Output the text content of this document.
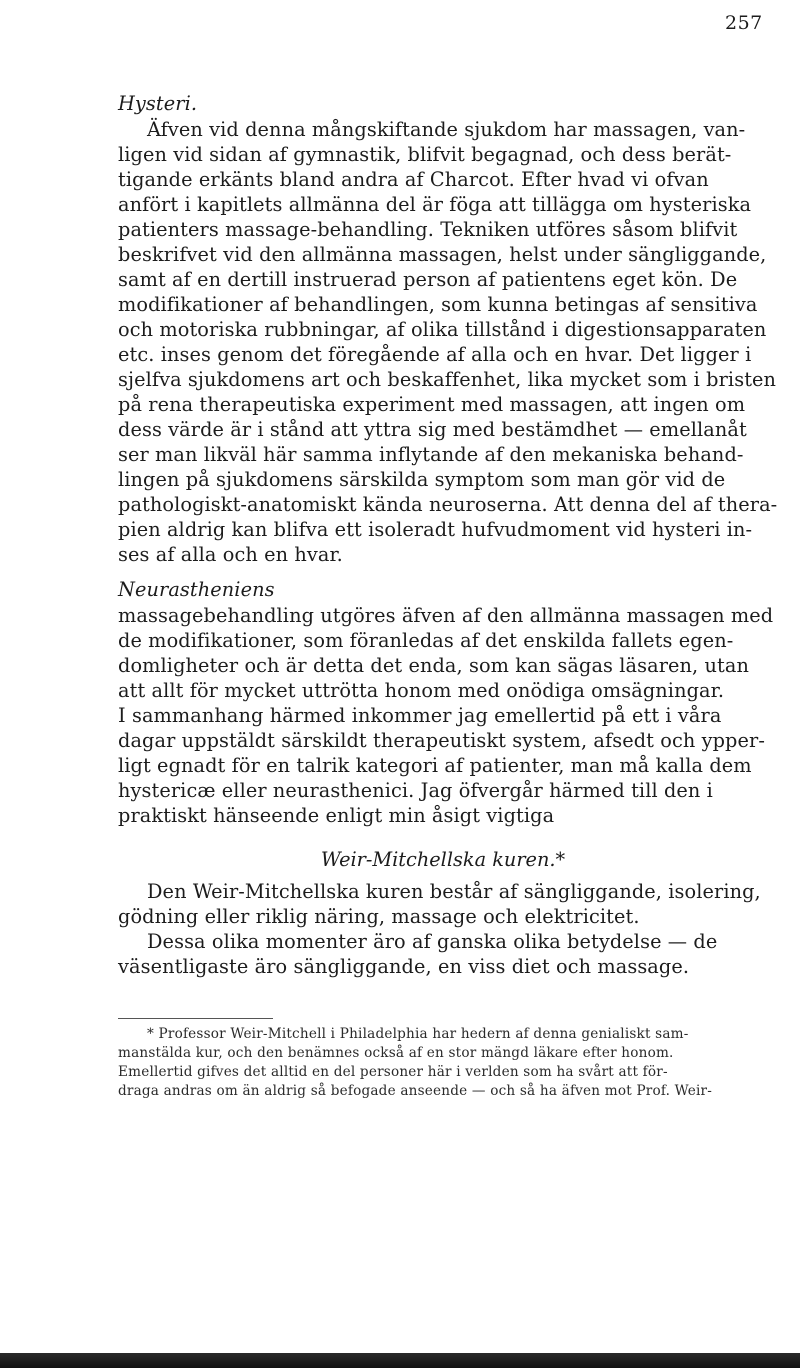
257
Hysteri.
Äfven vid denna mångskiftande sjukdom har massagen, van-
ligen vid sidan af gymnastik, blifvit begagnad, och dess berät-
tigande erkänts bland andra af Charcot. Efter hvad vi ofvan
anfört i kapitlets allmänna del är föga att tillägga om hysteriska
patienters massage-behandling. Tekniken utföres såsom blifvit
beskrifvet vid den allmänna massagen, helst under sängliggande,
samt af en dertill instruerad person af patientens eget kön. De
modifikationer af behandlingen, som kunna betingas af sensitiva
och motoriska rubbningar, af olika tillstånd i digestionsapparaten
etc. inses genom det föregående af alla och en hvar. Det ligger i
sjelfva sjukdomens art och beskaffenhet, lika mycket som i bristen
på rena therapeutiska experiment med massagen, att ingen om
dess värde är i stånd att yttra sig med bestämdhet — emellanåt
ser man likväl här samma inflytande af den mekaniska behand-
lingen på sjukdomens särskilda symptom som man gör vid de
pathologiskt-anatomiskt kända neuroserna. Att denna del af thera-
pien aldrig kan blifva ett isoleradt hufvudmoment vid hysteri in-
ses af alla och en hvar.
Neurastheniens
massagebehandling utgöres äfven af den allmänna massagen med
de modifikationer, som föranledas af det enskilda fallets egen-
domligheter och är detta det enda, som kan sägas läsaren, utan
att allt för mycket uttrötta honom med onödiga omsägningar.
I sammanhang härmed inkommer jag emellertid på ett i våra
dagar uppstäldt särskildt therapeutiskt system, afsedt och ypper-
ligt egnadt för en talrik kategori af patienter, man må kalla dem
hystericæ eller neurasthenici. Jag öfvergår härmed till den i
praktiskt hänseende enligt min åsigt vigtiga
Weir-Mitchellska kuren.*
Den Weir-Mitchellska kuren består af sängliggande, isolering,
gödning eller riklig näring, massage och elektricitet.
Dessa olika momenter äro af ganska olika betydelse — de
väsentligaste äro sängliggande, en viss diet och massage.
* Professor Weir-Mitchell i Philadelphia har hedern af denna genialiskt sam-
manstälda kur, och den benämnes också af en stor mängd läkare efter honom.
Emellertid gifves det alltid en del personer här i verlden som ha svårt att för-
draga andras om än aldrig så befogade anseende — och så ha äfven mot Prof. Weir-
